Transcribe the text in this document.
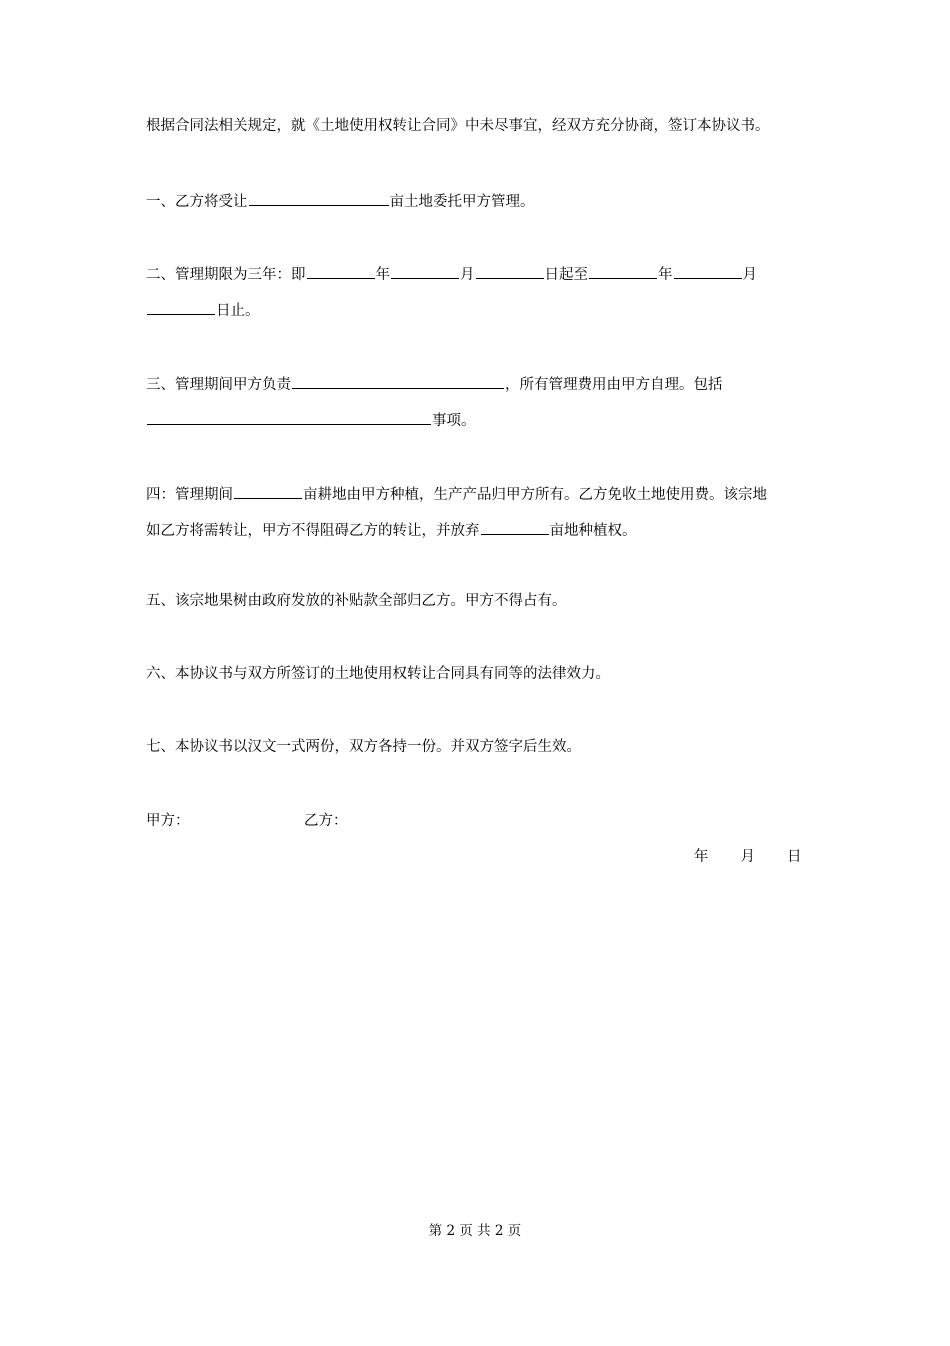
根据合同法相关规定，就《土地使用权转让合同》中未尽事宜，经双方充分协商，签订本协议书。
一、乙方将受让	亩土地委托甲方管理。
二、管理期限为三年：即	年	月	日起至	年	月
日止。
三、管理期间甲方负责	，所有管理费用由甲方自理。包括
事项。
四：管理期间	亩耕地由甲方种植，生产产品归甲方所有。乙方免收土地使用费。该宗地
如乙方将需转让，甲方不得阻碍乙方的转让，并放弃	亩地种植权。
五、该宗地果树由政府发放的补贴款全部归乙方。甲方不得占有。
六、本协议书与双方所签订的土地使用权转让合同具有同等的法律效力。
七、本协议书以汉文一式两份，双方各持一份。并双方签字后生效。
甲方：	乙方：
年 月 日
第 2 页 共 2 页
